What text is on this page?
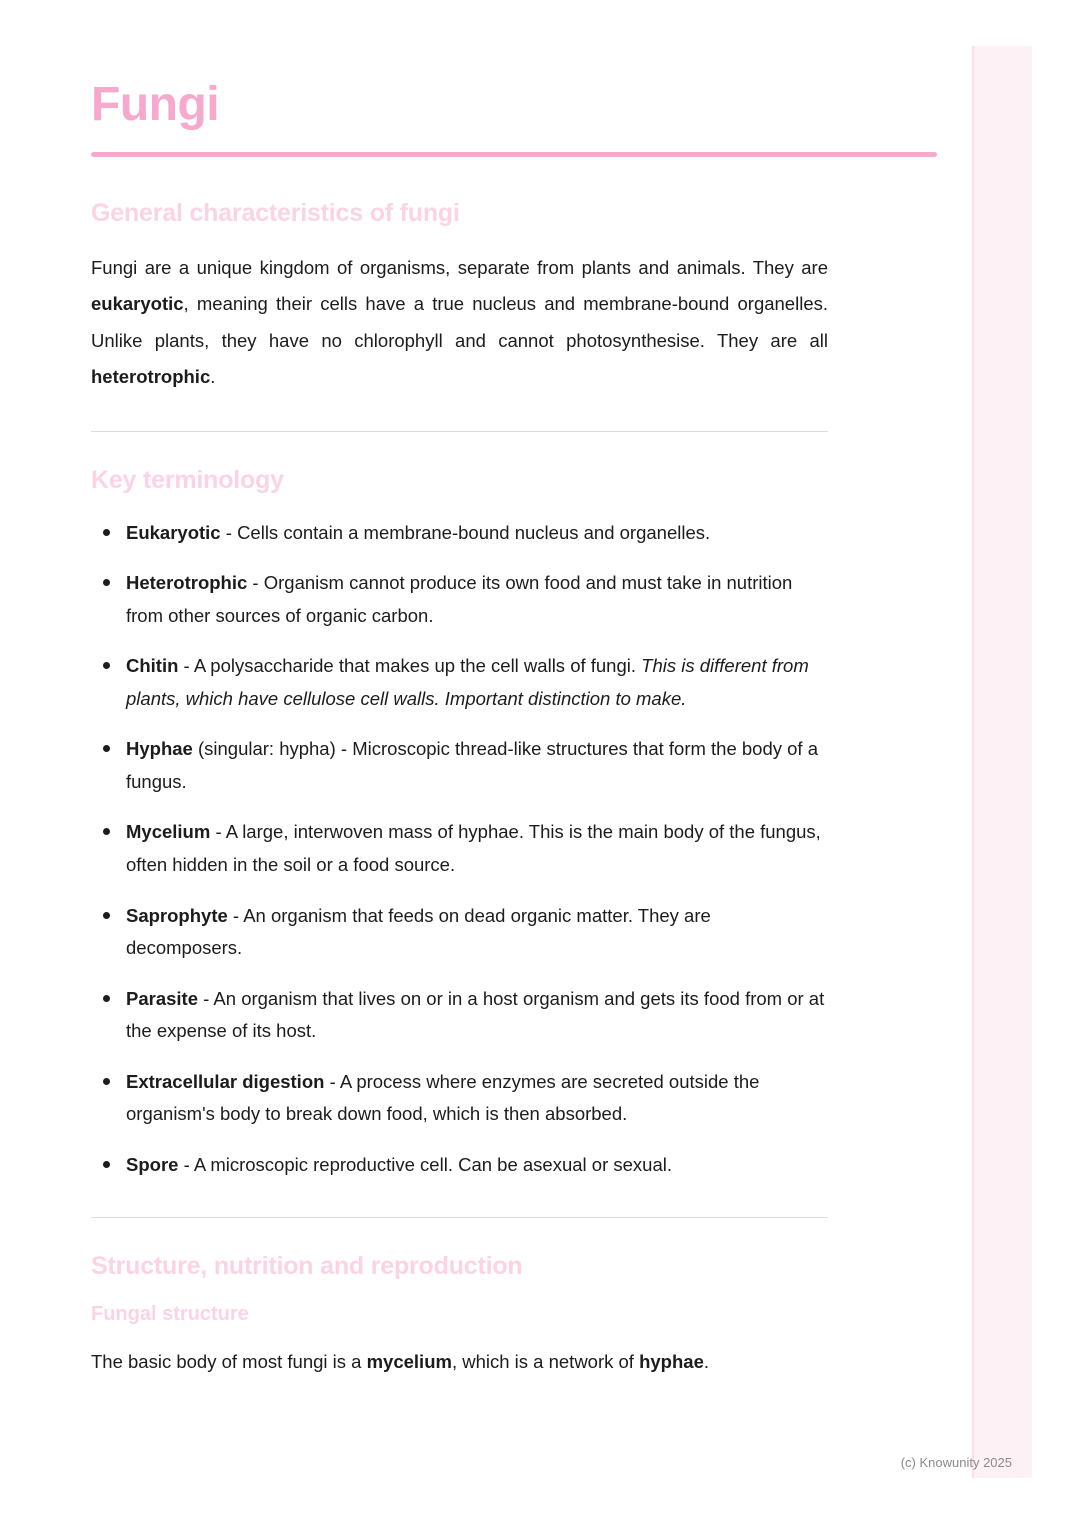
Fungi
General characteristics of fungi

Fungi are a unique kingdom of organisms, separate from plants and animals. They are eukaryotic, meaning their cells have a true nucleus and membrane-bound organelles. Unlike plants, they have no chlorophyll and cannot photosynthesise. They are all heterotrophic.

Key terminology
Eukaryotic - Cells contain a membrane-bound nucleus and organelles.
Heterotrophic - Organism cannot produce its own food and must take in nutrition from other sources of organic carbon.
Chitin - A polysaccharide that makes up the cell walls of fungi. This is different from plants, which have cellulose cell walls. Important distinction to make.
Hyphae (singular: hypha) - Microscopic thread-like structures that form the body of a fungus.
Mycelium - A large, interwoven mass of hyphae. This is the main body of the fungus, often hidden in the soil or a food source.
Saprophyte - An organism that feeds on dead organic matter. They are decomposers.
Parasite - An organism that lives on or in a host organism and gets its food from or at the expense of its host.
Extracellular digestion - A process where enzymes are secreted outside the organism's body to break down food, which is then absorbed.
Spore - A microscopic reproductive cell. Can be asexual or sexual.
Structure, nutrition and reproduction
Fungal structure

The basic body of most fungi is a mycelium, which is a network of hyphae.

(c) Knowunity 2025
